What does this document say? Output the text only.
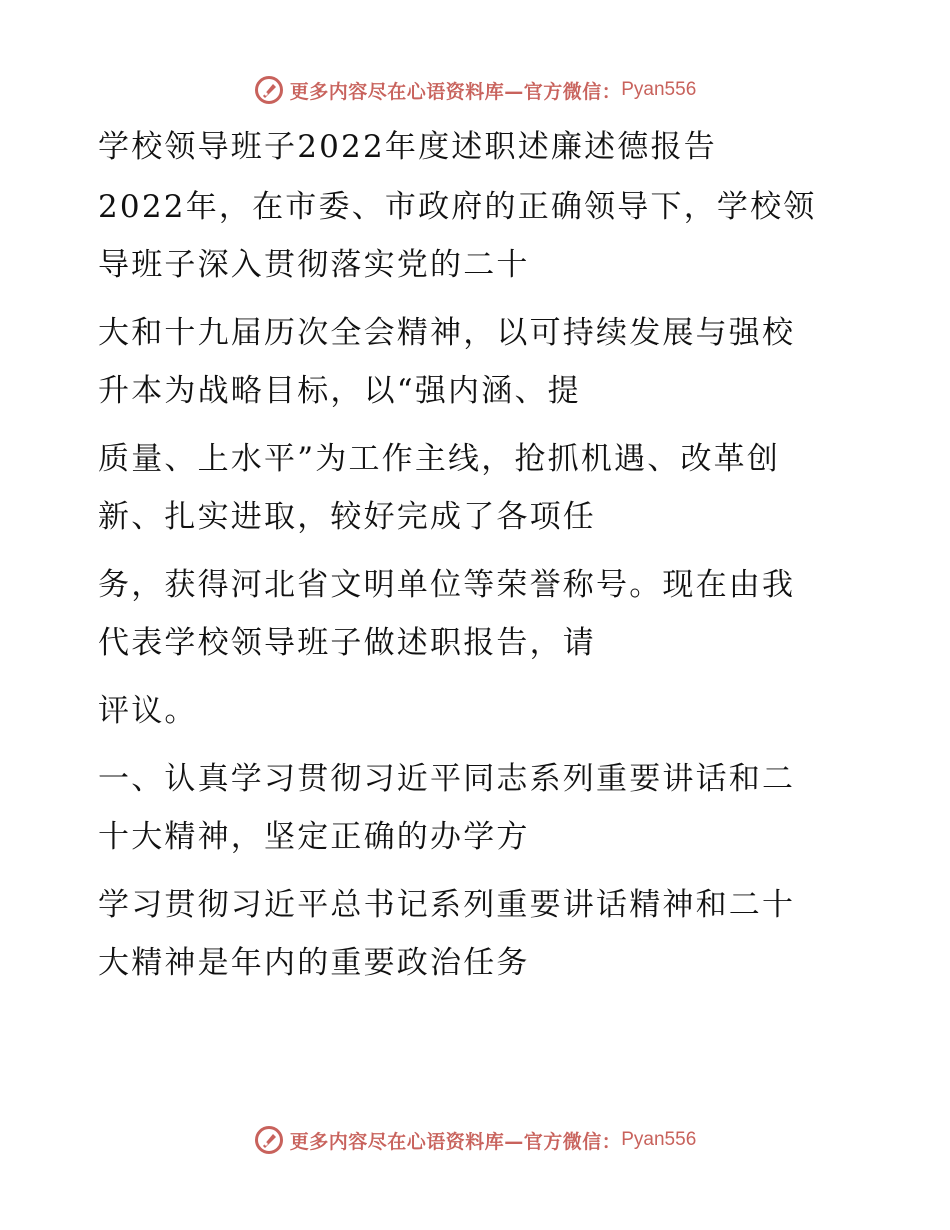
更多内容尽在心语资料库—官方微信： Pyan556
学校领导班子2022年度述职述廉述德报告
2022年，在市委、市政府的正确领导下，学校领
导班子深入贯彻落实党的二十
大和十九届历次全会精神，以可持续发展与强校
升本为战略目标，以“强内涵、提
质量、上水平”为工作主线，抢抓机遇、改革创
新、扎实进取，较好完成了各项任
务，获得河北省文明单位等荣誉称号。现在由我
代表学校领导班子做述职报告，请
评议。
一、认真学习贯彻习近平同志系列重要讲话和二
十大精神，坚定正确的办学方
学习贯彻习近平总书记系列重要讲话精神和二十
大精神是年内的重要政治任务
更多内容尽在心语资料库—官方微信： Pyan556
